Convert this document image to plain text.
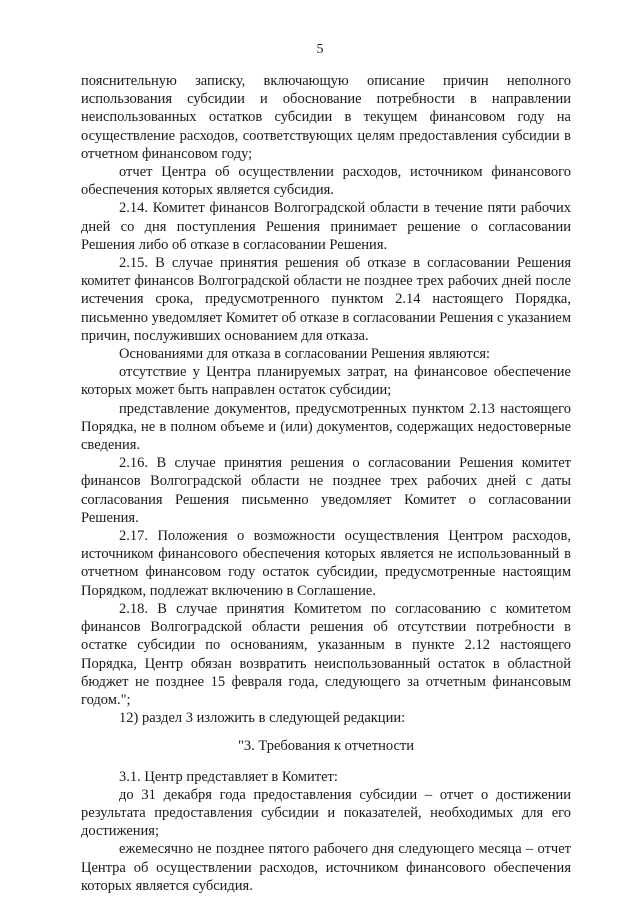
5

пояснительную записку, включающую описание причин неполного использования субсидии и обоснование потребности в направлении неиспользованных остатков субсидии в текущем финансовом году на осуществление расходов, соответствующих целям предоставления субсидии в отчетном финансовом году;

отчет Центра об осуществлении расходов, источником финансового обеспечения которых является субсидия.

2.14. Комитет финансов Волгоградской области в течение пяти рабочих дней со дня поступления Решения принимает решение о согласовании Решения либо об отказе в согласовании Решения.

2.15. В случае принятия решения об отказе в согласовании Решения комитет финансов Волгоградской области не позднее трех рабочих дней после истечения срока, предусмотренного пунктом 2.14 настоящего Порядка, письменно уведомляет Комитет об отказе в согласовании Решения с указанием причин, послуживших основанием для отказа.

Основаниями для отказа в согласовании Решения являются:

отсутствие у Центра планируемых затрат, на финансовое обеспечение которых может быть направлен остаток субсидии;

представление документов, предусмотренных пунктом 2.13 настоящего Порядка, не в полном объеме и (или) документов, содержащих недостоверные сведения.

2.16. В случае принятия решения о согласовании Решения комитет финансов Волгоградской области не позднее трех рабочих дней с даты согласования Решения письменно уведомляет Комитет о согласовании Решения.

2.17. Положения о возможности осуществления Центром расходов, источником финансового обеспечения которых является не использованный в отчетном финансовом году остаток субсидии, предусмотренные настоящим Порядком, подлежат включению в Соглашение.

2.18. В случае принятия Комитетом по согласованию с комитетом финансов Волгоградской области решения об отсутствии потребности в остатке субсидии по основаниям, указанным в пункте 2.12 настоящего Порядка, Центр обязан возвратить неиспользованный остаток в областной бюджет не позднее 15 февраля года, следующего за отчетным финансовым годом.";

12) раздел 3 изложить в следующей редакции:

"3. Требования к отчетности

3.1. Центр представляет в Комитет:

до 31 декабря года предоставления субсидии – отчет о достижении результата предоставления субсидии и показателей, необходимых для его достижения;

ежемесячно не позднее пятого рабочего дня следующего месяца – отчет Центра об осуществлении расходов, источником финансового обеспечения которых является субсидия.
